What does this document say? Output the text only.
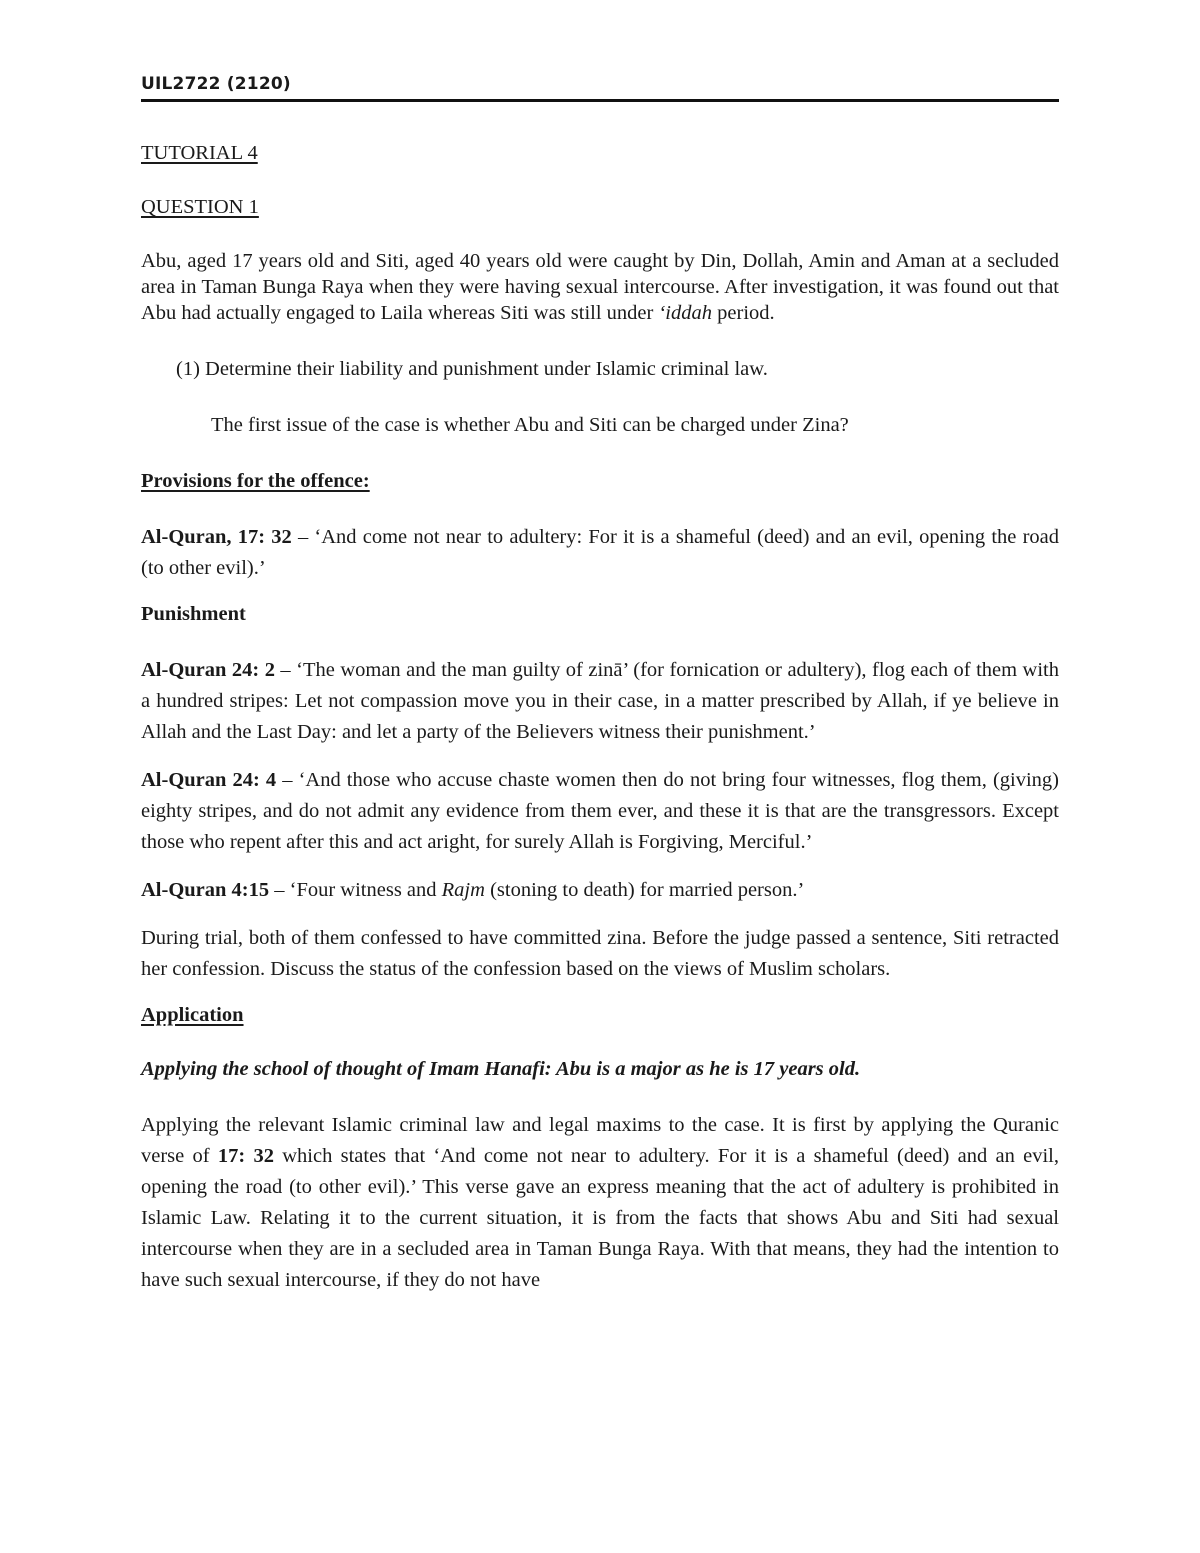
UIL2722 (2120)

TUTORIAL 4

QUESTION 1

Abu, aged 17 years old and Siti, aged 40 years old were caught by Din, Dollah, Amin and Aman at a secluded area in Taman Bunga Raya when they were having sexual intercourse. After investigation, it was found out that Abu had actually engaged to Laila whereas Siti was still under ‘iddah period.

(1) Determine their liability and punishment under Islamic criminal law.

The first issue of the case is whether Abu and Siti can be charged under Zina?

Provisions for the offence:

Al-Quran, 17: 32 – ‘And come not near to adultery: For it is a shameful (deed) and an evil, opening the road (to other evil).’

Punishment

Al-Quran 24: 2 – ‘The woman and the man guilty of zinā’ (for fornication or adultery), flog each of them with a hundred stripes: Let not compassion move you in their case, in a matter prescribed by Allah, if ye believe in Allah and the Last Day: and let a party of the Believers witness their punishment.’

Al-Quran 24: 4 – ‘And those who accuse chaste women then do not bring four witnesses, flog them, (giving) eighty stripes, and do not admit any evidence from them ever, and these it is that are the transgressors. Except those who repent after this and act aright, for surely Allah is Forgiving, Merciful.’

Al-Quran 4:15 – ‘Four witness and Rajm (stoning to death) for married person.’

During trial, both of them confessed to have committed zina. Before the judge passed a sentence, Siti retracted her confession. Discuss the status of the confession based on the views of Muslim scholars.

Application

Applying the school of thought of Imam Hanafi: Abu is a major as he is 17 years old.

Applying the relevant Islamic criminal law and legal maxims to the case. It is first by applying the Quranic verse of 17: 32 which states that ‘And come not near to adultery. For it is a shameful (deed) and an evil, opening the road (to other evil).’ This verse gave an express meaning that the act of adultery is prohibited in Islamic Law. Relating it to the current situation, it is from the facts that shows Abu and Siti had sexual intercourse when they are in a secluded area in Taman Bunga Raya. With that means, they had the intention to have such sexual intercourse, if they do not have
